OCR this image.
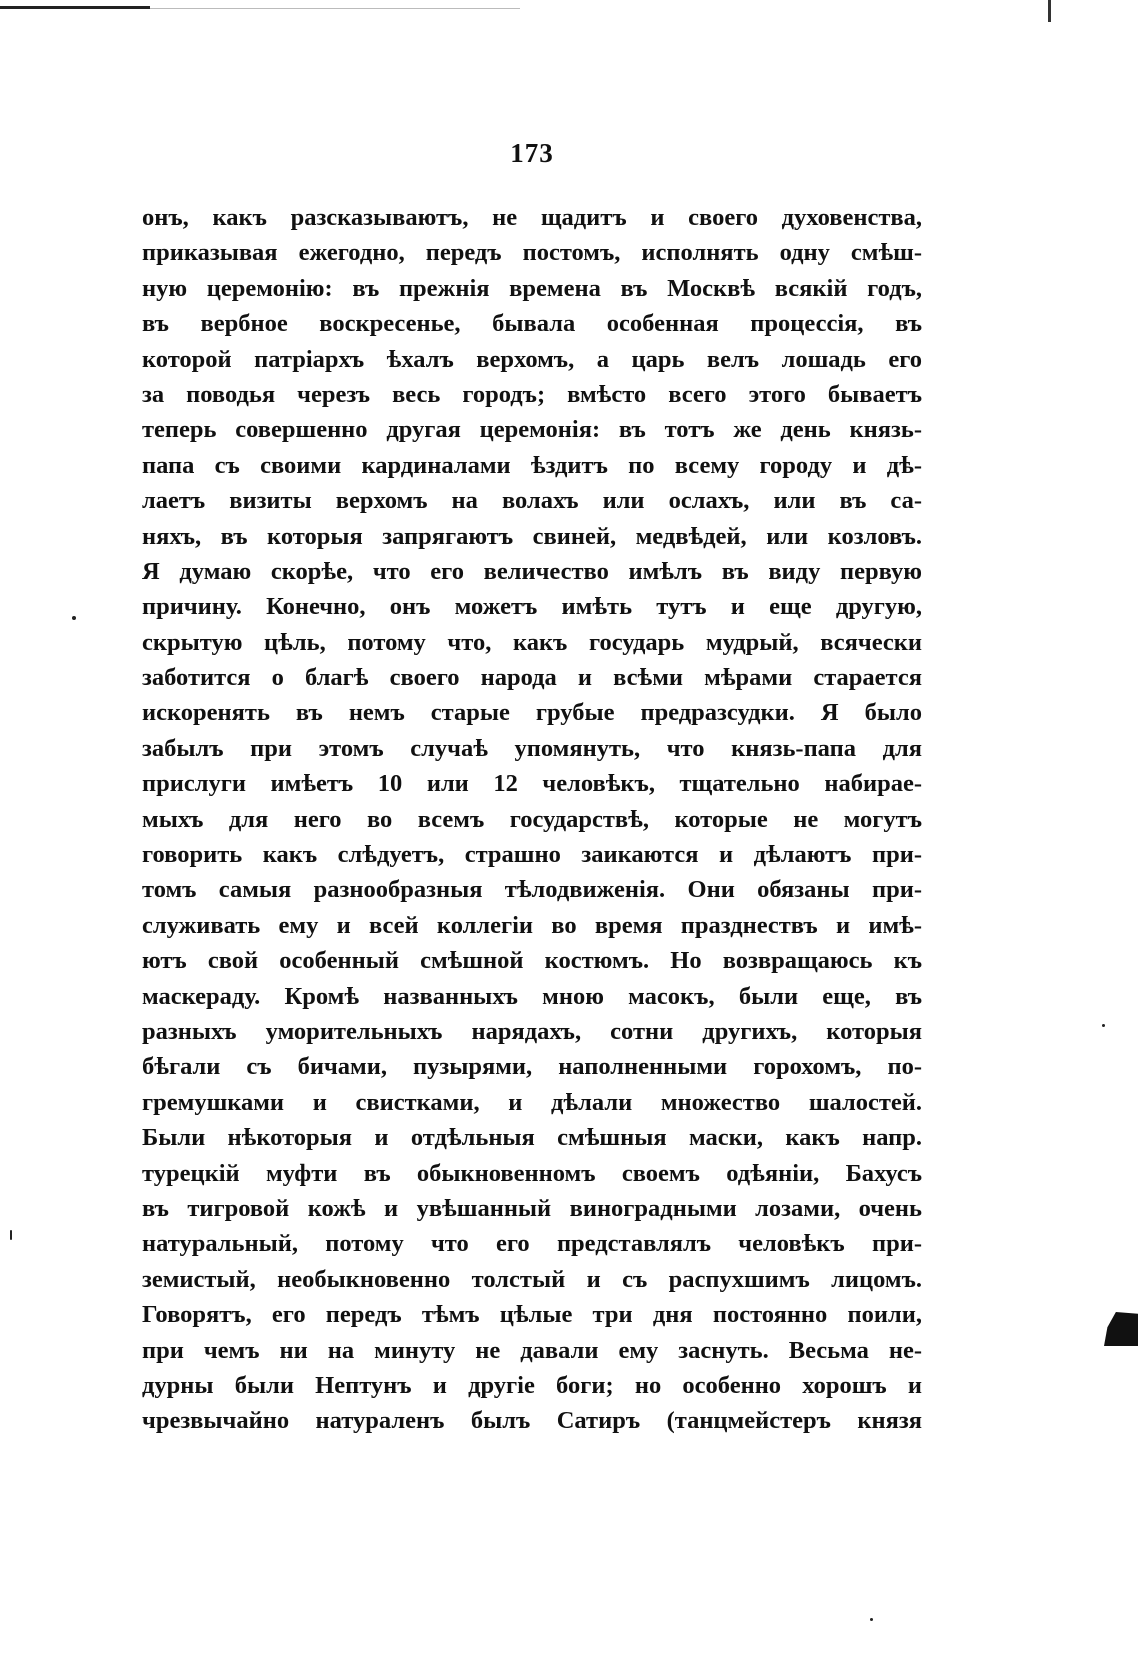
173
онъ, какъ разсказываютъ, не щадитъ и своего духовенства,
приказывая ежегодно, передъ постомъ, исполнять одну смѣш-
ную церемонію: въ прежнія времена въ Москвѣ всякій годъ,
въ вербное воскресенье, бывала особенная процессія, въ
которой патріархъ ѣхалъ верхомъ, а царь велъ лошадь его
за поводья черезъ весь городъ; вмѣсто всего этого бываетъ
теперь совершенно другая церемонія: въ тотъ же день князь-
папа съ своими кардиналами ѣздитъ по всему городу и дѣ-
лаетъ визиты верхомъ на волахъ или ослахъ, или въ са-
няхъ, въ которыя запрягаютъ свиней, медвѣдей, или козловъ.
Я думаю скорѣе, что его величество имѣлъ въ виду первую
причину. Конечно, онъ можетъ имѣть тутъ и еще другую,
скрытую цѣль, потому что, какъ государь мудрый, всячески
заботится о благѣ своего народа и всѣми мѣрами старается
искоренять въ немъ старые грубые предразсудки. Я было
забылъ при этомъ случаѣ упомянуть, что князь-папа для
прислуги имѣетъ 10 или 12 человѣкъ, тщательно набирае-
мыхъ для него во всемъ государствѣ, которые не могутъ
говорить какъ слѣдуетъ, страшно заикаются и дѣлаютъ при-
томъ самыя разнообразныя тѣлодвиженія. Они обязаны при-
служивать ему и всей коллегіи во время празднествъ и имѣ-
ютъ свой особенный смѣшной костюмъ. Но возвращаюсь къ
маскераду. Кромѣ названныхъ мною масокъ, были еще, въ
разныхъ уморительныхъ нарядахъ, сотни другихъ, которыя
бѣгали съ бичами, пузырями, наполненными горохомъ, по-
гремушками и свистками, и дѣлали множество шалостей.
Были нѣкоторыя и отдѣльныя смѣшныя маски, какъ напр.
турецкій муфти въ обыкновенномъ своемъ одѣяніи, Бахусъ
въ тигровой кожѣ и увѣшанный виноградными лозами, очень
натуральный, потому что его представлялъ человѣкъ при-
земистый, необыкновенно толстый и съ распухшимъ лицомъ.
Говорятъ, его передъ тѣмъ цѣлые три дня постоянно поили,
при чемъ ни на минуту не давали ему заснуть. Весьма не-
дурны были Нептунъ и другіе боги; но особенно хорошъ и
чрезвычайно натураленъ былъ Сатиръ (танцмейстеръ князя
